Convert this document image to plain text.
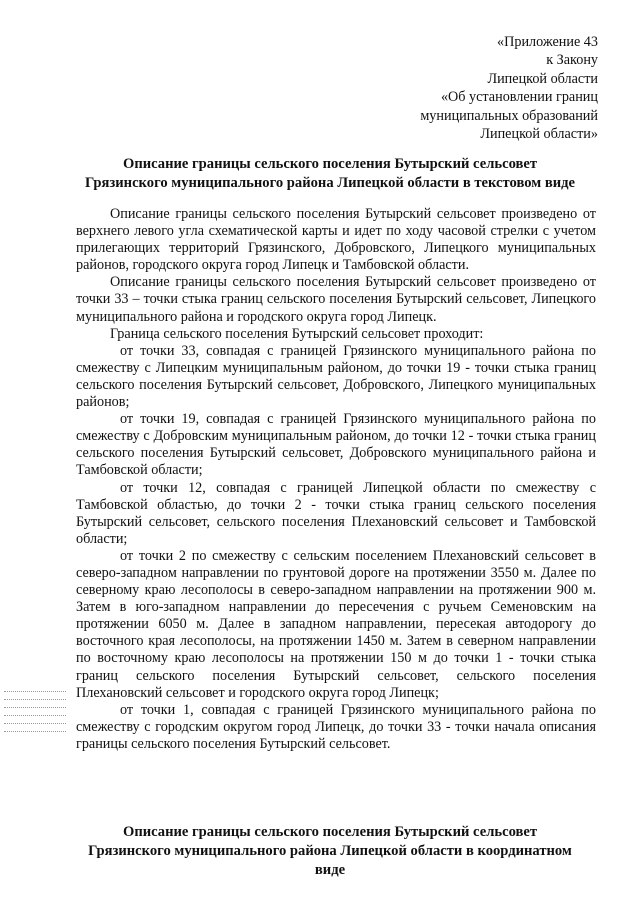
«Приложение 43
к Закону
Липецкой области
«Об установлении границ
муниципальных образований
Липецкой области»
Описание границы сельского поселения Бутырский сельсовет
Грязинского муниципального района Липецкой области в текстовом виде

Описание границы сельского поселения Бутырский сельсовет произведено от верхнего левого угла схематической карты и идет по ходу часовой стрелки с учетом прилегающих территорий Грязинского, Добровского, Липецкого муниципальных районов, городского округа город Липецк и Тамбовской области.

Описание границы сельского поселения Бутырский сельсовет произведено от точки 33 – точки стыка границ сельского поселения Бутырский сельсовет, Липецкого муниципального района и городского округа город Липецк.

Граница сельского поселения Бутырский сельсовет проходит:

от точки 33, совпадая с границей Грязинского муниципального района по смежеству с Липецким муниципальным районом, до точки 19 - точки стыка границ сельского поселения Бутырский сельсовет, Добровского, Липецкого муниципальных районов;

от точки 19, совпадая с границей Грязинского муниципального района по смежеству с Добровским муниципальным районом, до точки 12 - точки стыка границ сельского поселения Бутырский сельсовет, Добровского муниципального района и Тамбовской области;

от точки 12, совпадая с границей Липецкой области по смежеству с Тамбовской областью, до точки 2 - точки стыка границ сельского поселения Бутырский сельсовет, сельского поселения Плехановский сельсовет и Тамбовской области;

от точки 2 по смежеству с сельским поселением Плехановский сельсовет в северо-западном направлении по грунтовой дороге на протяжении 3550 м. Далее по северному краю лесополосы в северо-западном направлении на протяжении 900 м. Затем в юго-западном направлении до пересечения с ручьем Семеновским на протяжении 6050 м. Далее в западном направлении, пересекая автодорогу до восточного края лесополосы, на протяжении 1450 м. Затем в северном направлении по восточному краю лесополосы на протяжении 150 м до точки 1 - точки стыка границ сельского поселения Бутырский сельсовет, сельского поселения Плехановский сельсовет и городского округа город Липецк;

от точки 1, совпадая с границей Грязинского муниципального района по смежеству с городским округом город Липецк, до точки 33 - точки начала описания границы сельского поселения Бутырский сельсовет.

Описание границы сельского поселения Бутырский сельсовет
Грязинского муниципального района Липецкой области в координатном
виде
